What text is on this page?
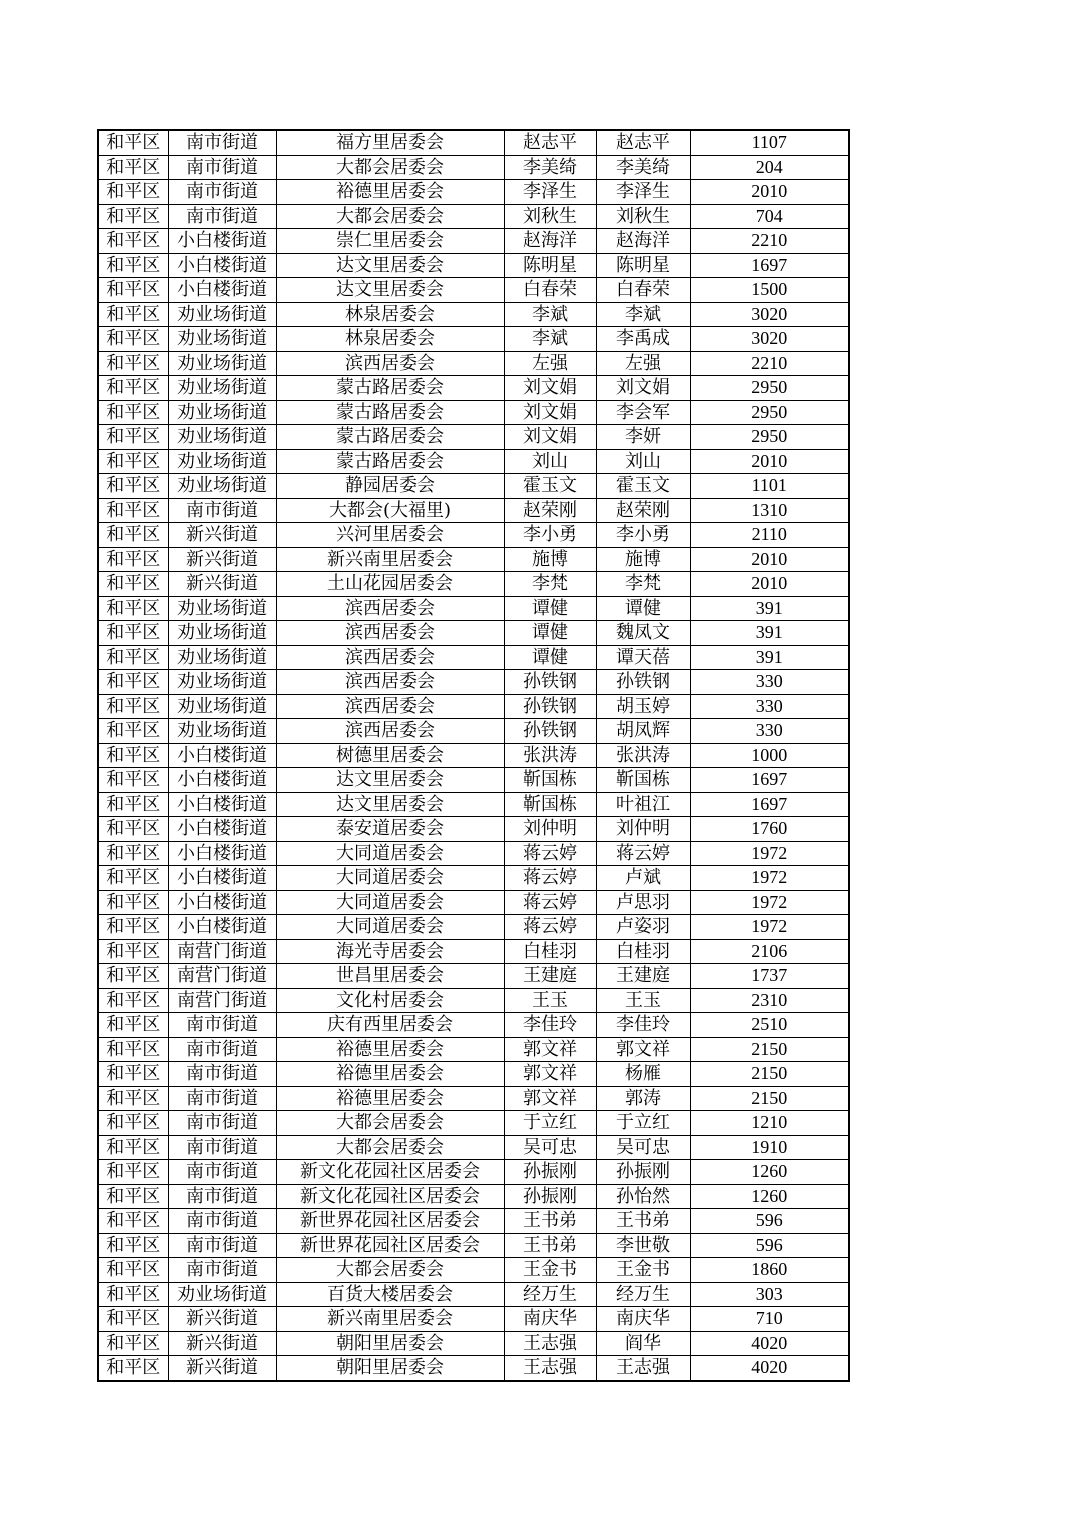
和平区	南市街道	福方里居委会	赵志平	赵志平	1107
和平区	南市街道	大都会居委会	李美绮	李美绮	204
和平区	南市街道	裕德里居委会	李泽生	李泽生	2010
和平区	南市街道	大都会居委会	刘秋生	刘秋生	704
和平区	小白楼街道	崇仁里居委会	赵海洋	赵海洋	2210
和平区	小白楼街道	达文里居委会	陈明星	陈明星	1697
和平区	小白楼街道	达文里居委会	白春荣	白春荣	1500
和平区	劝业场街道	林泉居委会	李斌	李斌	3020
和平区	劝业场街道	林泉居委会	李斌	李禹成	3020
和平区	劝业场街道	滨西居委会	左强	左强	2210
和平区	劝业场街道	蒙古路居委会	刘文娟	刘文娟	2950
和平区	劝业场街道	蒙古路居委会	刘文娟	李会军	2950
和平区	劝业场街道	蒙古路居委会	刘文娟	李妍	2950
和平区	劝业场街道	蒙古路居委会	刘山	刘山	2010
和平区	劝业场街道	静园居委会	霍玉文	霍玉文	1101
和平区	南市街道	大都会(大福里)	赵荣刚	赵荣刚	1310
和平区	新兴街道	兴河里居委会	李小勇	李小勇	2110
和平区	新兴街道	新兴南里居委会	施博	施博	2010
和平区	新兴街道	土山花园居委会	李梵	李梵	2010
和平区	劝业场街道	滨西居委会	谭健	谭健	391
和平区	劝业场街道	滨西居委会	谭健	魏凤文	391
和平区	劝业场街道	滨西居委会	谭健	谭天蓓	391
和平区	劝业场街道	滨西居委会	孙铁钢	孙铁钢	330
和平区	劝业场街道	滨西居委会	孙铁钢	胡玉婷	330
和平区	劝业场街道	滨西居委会	孙铁钢	胡凤辉	330
和平区	小白楼街道	树德里居委会	张洪涛	张洪涛	1000
和平区	小白楼街道	达文里居委会	靳国栋	靳国栋	1697
和平区	小白楼街道	达文里居委会	靳国栋	叶祖江	1697
和平区	小白楼街道	泰安道居委会	刘仲明	刘仲明	1760
和平区	小白楼街道	大同道居委会	蒋云婷	蒋云婷	1972
和平区	小白楼街道	大同道居委会	蒋云婷	卢斌	1972
和平区	小白楼街道	大同道居委会	蒋云婷	卢思羽	1972
和平区	小白楼街道	大同道居委会	蒋云婷	卢姿羽	1972
和平区	南营门街道	海光寺居委会	白桂羽	白桂羽	2106
和平区	南营门街道	世昌里居委会	王建庭	王建庭	1737
和平区	南营门街道	文化村居委会	王玉	王玉	2310
和平区	南市街道	庆有西里居委会	李佳玲	李佳玲	2510
和平区	南市街道	裕德里居委会	郭文祥	郭文祥	2150
和平区	南市街道	裕德里居委会	郭文祥	杨雁	2150
和平区	南市街道	裕德里居委会	郭文祥	郭涛	2150
和平区	南市街道	大都会居委会	于立红	于立红	1210
和平区	南市街道	大都会居委会	吴可忠	吴可忠	1910
和平区	南市街道	新文化花园社区居委会	孙振刚	孙振刚	1260
和平区	南市街道	新文化花园社区居委会	孙振刚	孙怡然	1260
和平区	南市街道	新世界花园社区居委会	王书弟	王书弟	596
和平区	南市街道	新世界花园社区居委会	王书弟	李世敬	596
和平区	南市街道	大都会居委会	王金书	王金书	1860
和平区	劝业场街道	百货大楼居委会	经万生	经万生	303
和平区	新兴街道	新兴南里居委会	南庆华	南庆华	710
和平区	新兴街道	朝阳里居委会	王志强	阎华	4020
和平区	新兴街道	朝阳里居委会	王志强	王志强	4020
